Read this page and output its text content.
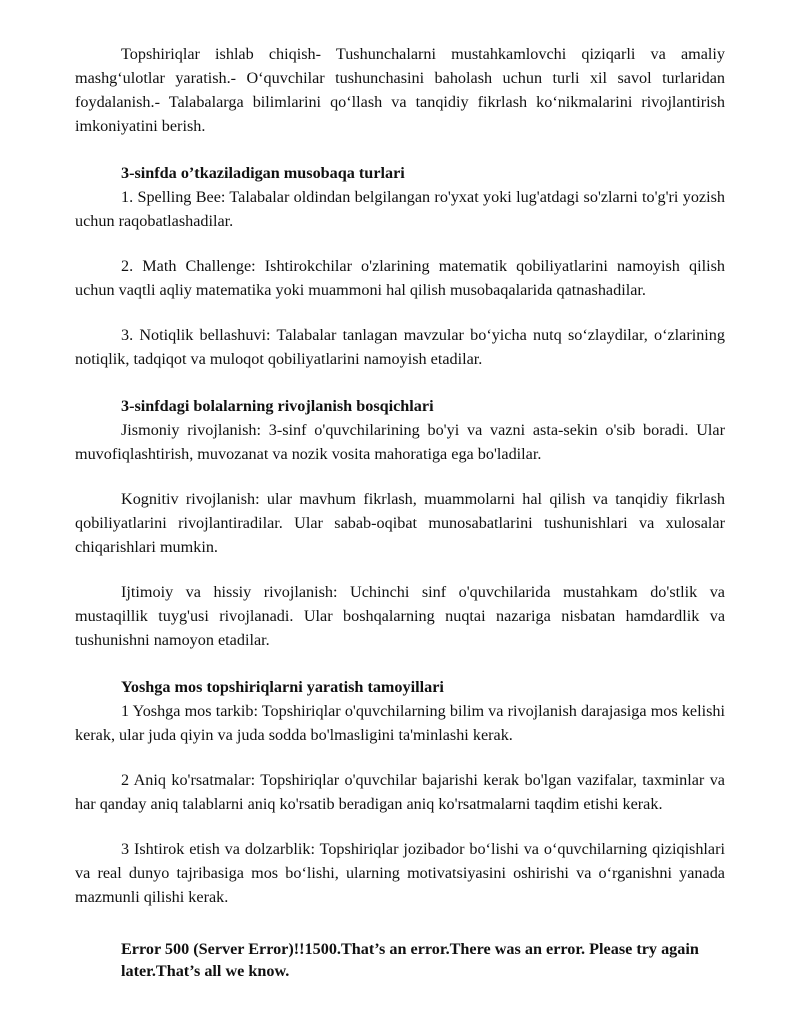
Topshiriqlar ishlab chiqish- Tushunchalarni mustahkamlovchi qiziqarli va amaliy mashg‘ulotlar yaratish.- O‘quvchilar tushunchasini baholash uchun turli xil savol turlaridan foydalanish.- Talabalarga bilimlarini qo‘llash va tanqidiy fikrlash ko‘nikmalarini rivojlantirish imkoniyatini berish.

3-sinfda o’tkaziladigan musobaqa turlari

1. Spelling Bee: Talabalar oldindan belgilangan ro'yxat yoki lug'atdagi so'zlarni to'g'ri yozish uchun raqobatlashadilar.

2. Math Challenge: Ishtirokchilar o'zlarining matematik qobiliyatlarini namoyish qilish uchun vaqtli aqliy matematika yoki muammoni hal qilish musobaqalarida qatnashadilar.

3. Notiqlik bellashuvi: Talabalar tanlagan mavzular bo‘yicha nutq so‘zlaydilar, o‘zlarining notiqlik, tadqiqot va muloqot qobiliyatlarini namoyish etadilar.

3-sinfdagi bolalarning rivojlanish bosqichlari

Jismoniy rivojlanish: 3-sinf o'quvchilarining bo'yi va vazni asta-sekin o'sib boradi. Ular muvofiqlashtirish, muvozanat va nozik vosita mahoratiga ega bo'ladilar.

Kognitiv rivojlanish: ular mavhum fikrlash, muammolarni hal qilish va tanqidiy fikrlash qobiliyatlarini rivojlantiradilar. Ular sabab-oqibat munosabatlarini tushunishlari va xulosalar chiqarishlari mumkin.

Ijtimoiy va hissiy rivojlanish: Uchinchi sinf o'quvchilarida mustahkam do'stlik va mustaqillik tuyg'usi rivojlanadi. Ular boshqalarning nuqtai nazariga nisbatan hamdardlik va tushunishni namoyon etadilar.

Yoshga mos topshiriqlarni yaratish tamoyillari

1 Yoshga mos tarkib: Topshiriqlar o'quvchilarning bilim va rivojlanish darajasiga mos kelishi kerak, ular juda qiyin va juda sodda bo'lmasligini ta'minlashi kerak.

2 Aniq ko'rsatmalar: Topshiriqlar o'quvchilar bajarishi kerak bo'lgan vazifalar, taxminlar va har qanday aniq talablarni aniq ko'rsatib beradigan aniq ko'rsatmalarni taqdim etishi kerak.

3 Ishtirok etish va dolzarblik: Topshiriqlar jozibador bo‘lishi va o‘quvchilarning qiziqishlari va real dunyo tajribasiga mos bo‘lishi, ularning motivatsiyasini oshirishi va o‘rganishni yanada mazmunli qilishi kerak.

Error 500 (Server Error)!!1500.That’s an error.There was an error. Please try again later.That’s all we know.
